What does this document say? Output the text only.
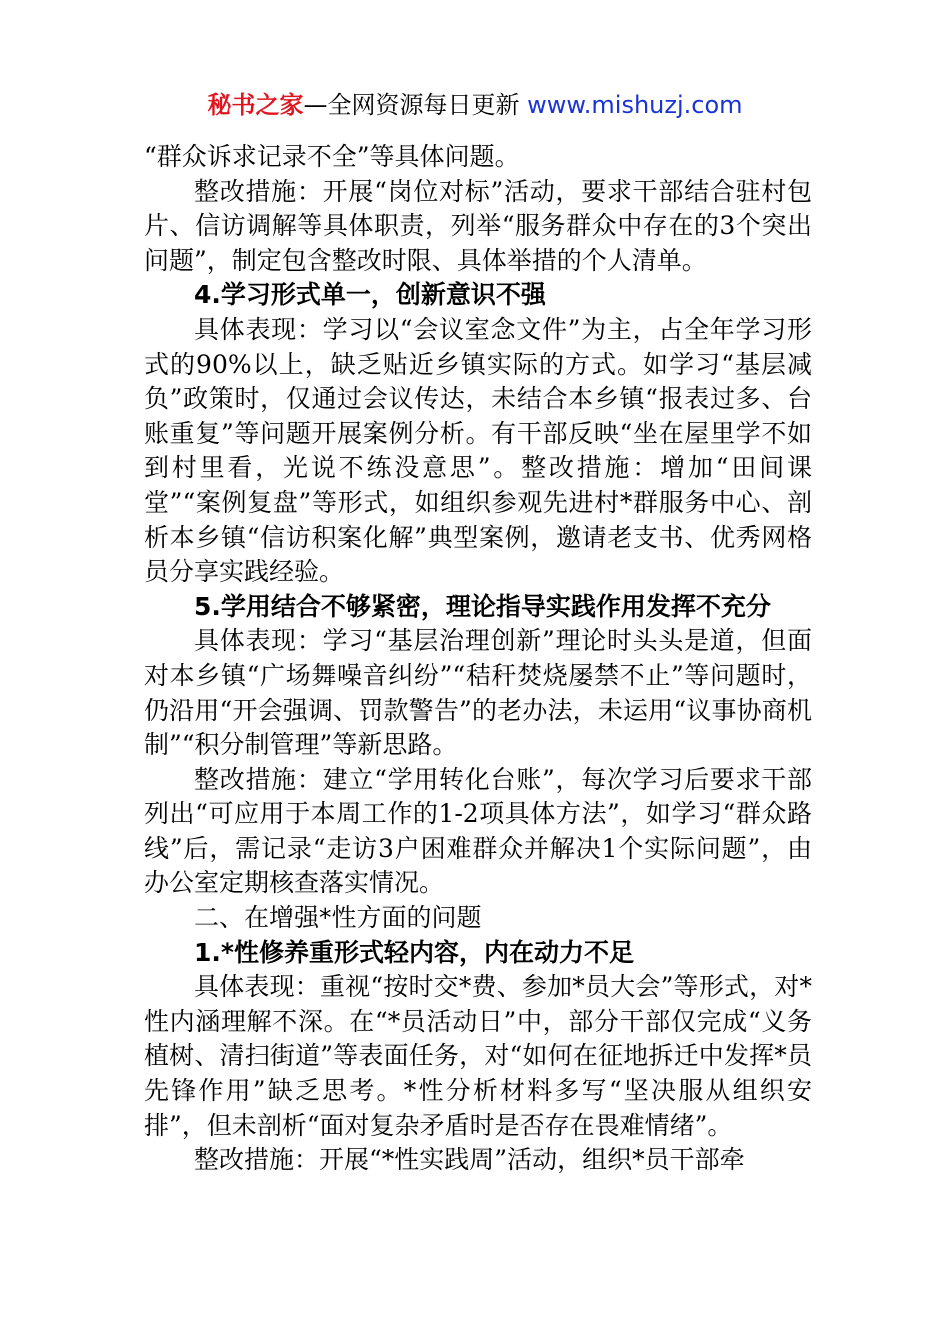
秘书之家—全网资源每日更新 www.mishuzj.com

“群众诉求记录不全”等具体问题。

整改措施：开展“岗位对标”活动，要求干部结合驻村包片、信访调解等具体职责，列举“服务群众中存在的3个突出问题”，制定包含整改时限、具体举措的个人清单。

4.学习形式单一，创新意识不强

具体表现：学习以“会议室念文件”为主，占全年学习形式的90%以上，缺乏贴近乡镇实际的方式。如学习“基层减负”政策时，仅通过会议传达，未结合本乡镇“报表过多、台账重复”等问题开展案例分析。有干部反映“坐在屋里学不如到村里看，光说不练没意思”。整改措施：增加“田间课堂”“案例复盘”等形式，如组织参观先进村*群服务中心、剖析本乡镇“信访积案化解”典型案例，邀请老支书、优秀网格员分享实践经验。

5.学用结合不够紧密，理论指导实践作用发挥不充分

具体表现：学习“基层治理创新”理论时头头是道，但面对本乡镇“广场舞噪音纠纷”“秸秆焚烧屡禁不止”等问题时，仍沿用“开会强调、罚款警告”的老办法，未运用“议事协商机制”“积分制管理”等新思路。

整改措施：建立“学用转化台账”，每次学习后要求干部列出“可应用于本周工作的1-2项具体方法”，如学习“群众路线”后，需记录“走访3户困难群众并解决1个实际问题”，由办公室定期核查落实情况。

二、在增强*性方面的问题

1.*性修养重形式轻内容，内在动力不足

具体表现：重视“按时交*费、参加*员大会”等形式，对*性内涵理解不深。在“*员活动日”中，部分干部仅完成“义务植树、清扫街道”等表面任务，对“如何在征地拆迁中发挥*员先锋作用”缺乏思考。*性分析材料多写“坚决服从组织安排”，但未剖析“面对复杂矛盾时是否存在畏难情绪”。

整改措施：开展“*性实践周”活动，组织*员干部牵
